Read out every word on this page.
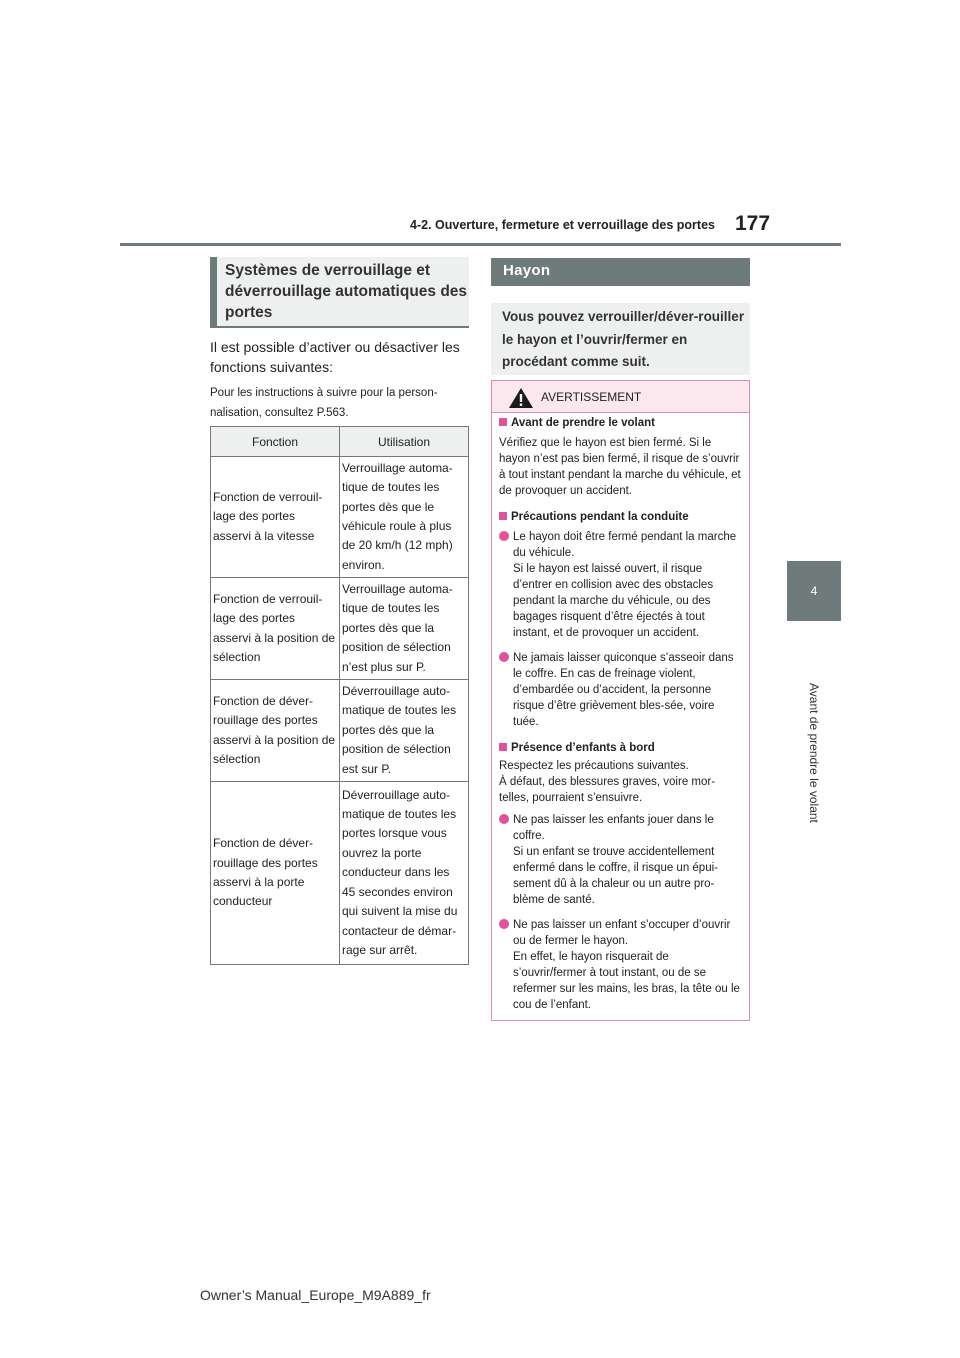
4-2. Ouverture, fermeture et verrouillage des portes 177
4
Avant de prendre le volant
Systèmes de verrouillage et déverrouillage automatiques des portes
Il est possible d’activer ou désactiver les fonctions suivantes:
Pour les instructions à suivre pour la person-nalisation, consultez P.563.
Fonction	Utilisation
Fonction de verrouil-lage des portes asservi à la vitesse	Verrouillage automa-tique de toutes les portes dès que le véhicule roule à plus de 20 km/h (12 mph) environ.
Fonction de verrouil-lage des portes asservi à la position de sélection	Verrouillage automa-tique de toutes les portes dès que la position de sélection n’est plus sur P.
Fonction de déver-rouillage des portes asservi à la position de sélection	Déverrouillage auto-matique de toutes les portes dès que la position de sélection est sur P.
Fonction de déver-rouillage des portes asservi à la porte conducteur	Déverrouillage auto-matique de toutes les portes lorsque vous ouvrez la porte conducteur dans les 45 secondes environ qui suivent la mise du contacteur de démar-rage sur arrêt.
Hayon
Vous pouvez verrouiller/déver-rouiller le hayon et l’ouvrir/fermer en procédant comme suit.
AVERTISSEMENT
Avant de prendre le volant
Vérifiez que le hayon est bien fermé. Si le hayon n’est pas bien fermé, il risque de s’ouvrir à tout instant pendant la marche du véhicule, et de provoquer un accident.
Précautions pendant la conduite
Le hayon doit être fermé pendant la marche du véhicule.
Si le hayon est laissé ouvert, il risque d’entrer en collision avec des obstacles pendant la marche du véhicule, ou des bagages risquent d’être éjectés à tout instant, et de provoquer un accident.
Ne jamais laisser quiconque s’asseoir dans le coffre. En cas de freinage violent, d’embardée ou d’accident, la personne risque d’être grièvement bles-sée, voire tuée.
Présence d’enfants à bord
Respectez les précautions suivantes.
À défaut, des blessures graves, voire mor-telles, pourraient s’ensuivre.
Ne pas laisser les enfants jouer dans le coffre.
Si un enfant se trouve accidentellement enfermé dans le coffre, il risque un épui-sement dû à la chaleur ou un autre pro-blème de santé.
Ne pas laisser un enfant s’occuper d’ouvrir ou de fermer le hayon.
En effet, le hayon risquerait de s’ouvrir/fermer à tout instant, ou de se refermer sur les mains, les bras, la tête ou le cou de l’enfant.
Owner’s Manual_Europe_M9A889_fr
